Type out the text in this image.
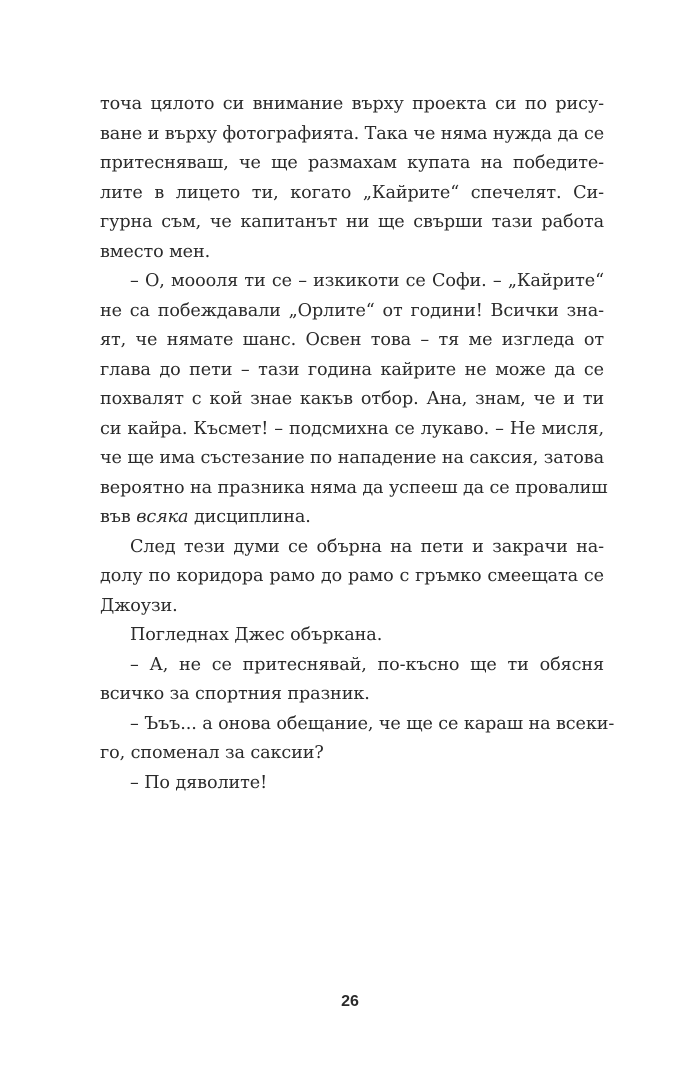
точа цялото си внимание върху проекта си по рису-
ване и върху фотографията. Така че няма нужда да се
притесняваш, че ще размахам купата на победите-
лите в лицето ти, когато „Кайрите“ спечелят. Си-
гурна съм, че капитанът ни ще свърши тази работа
вместо мен.
– О, моооля ти се – изкикоти се Софи. – „Кайрите“
не са побеждавали „Орлите“ от години! Всички зна-
ят, че нямате шанс. Освен това – тя ме изгледа от
глава до пети – тази година кайрите не може да се
похвалят с кой знае какъв отбор. Ана, знам, че и ти
си кайра. Късмет! – подсмихна се лукаво. – Не мисля,
че ще има състезание по нападение на саксия, затова
вероятно на празника няма да успееш да се провалиш
във всяка дисциплина.
След тези думи се обърна на пети и закрачи на-
долу по коридора рамо до рамо с гръмко смеещата се
Джоузи.
Погледнах Джес объркана.
– А, не се притеснявай, по-късно ще ти обясня
всичко за спортния празник.
– Ъъъ... а онова обещание, че ще се караш на всеки-
го, споменал за саксии?
– По дяволите!
26
